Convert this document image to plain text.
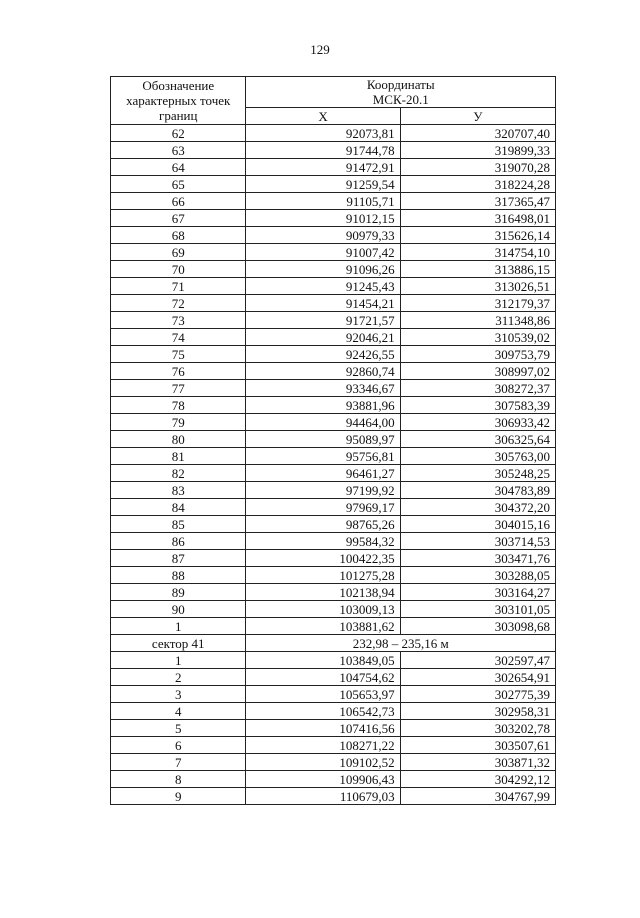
129
Обозначение
характерных точек
границ	Координаты
МСК-20.1	
	Х	У
62	92073,81	320707,40
63	91744,78	319899,33
64	91472,91	319070,28
65	91259,54	318224,28
66	91105,71	317365,47
67	91012,15	316498,01
68	90979,33	315626,14
69	91007,42	314754,10
70	91096,26	313886,15
71	91245,43	313026,51
72	91454,21	312179,37
73	91721,57	311348,86
74	92046,21	310539,02
75	92426,55	309753,79
76	92860,74	308997,02
77	93346,67	308272,37
78	93881,96	307583,39
79	94464,00	306933,42
80	95089,97	306325,64
81	95756,81	305763,00
82	96461,27	305248,25
83	97199,92	304783,89
84	97969,17	304372,20
85	98765,26	304015,16
86	99584,32	303714,53
87	100422,35	303471,76
88	101275,28	303288,05
89	102138,94	303164,27
90	103009,13	303101,05
1	103881,62	303098,68
сектор 41	232,98 – 235,16 м	
1	103849,05	302597,47
2	104754,62	302654,91
3	105653,97	302775,39
4	106542,73	302958,31
5	107416,56	303202,78
6	108271,22	303507,61
7	109102,52	303871,32
8	109906,43	304292,12
9	110679,03	304767,99
